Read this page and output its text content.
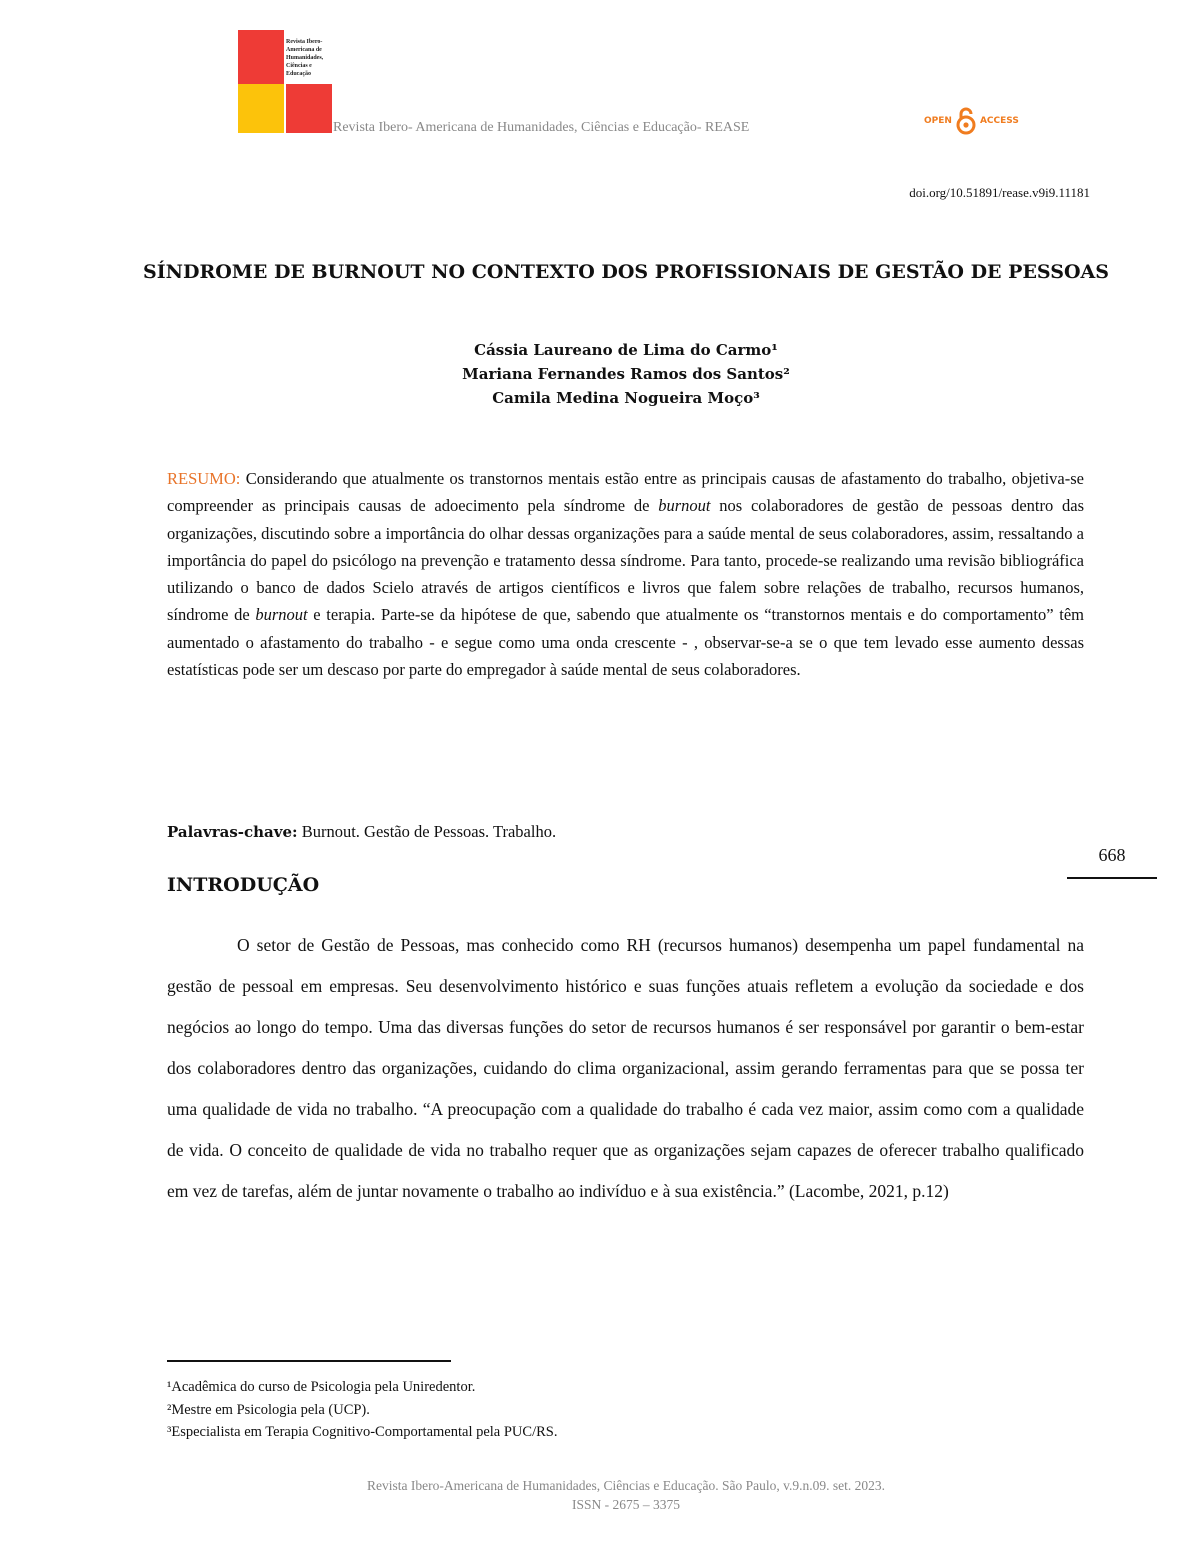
Revista Ibero-
Americana de
Humanidades,
Ciências e
Educação
Revista Ibero- Americana de Humanidades, Ciências e Educação- REASE	OPEN	ACCESS
doi.org/10.51891/rease.v9i9.11181
SÍNDROME DE BURNOUT NO CONTEXTO DOS PROFISSIONAIS DE GESTÃO DE PESSOAS
Cássia Laureano de Lima do Carmo¹
Mariana Fernandes Ramos dos Santos²
Camila Medina Nogueira Moço³
RESUMO: Considerando que atualmente os transtornos mentais estão entre as principais causas de afastamento do trabalho, objetiva-se compreender as principais causas de adoecimento pela síndrome de burnout nos colaboradores de gestão de pessoas dentro das organizações, discutindo sobre a importância do olhar dessas organizações para a saúde mental de seus colaboradores, assim, ressaltando a importância do papel do psicólogo na prevenção e tratamento dessa síndrome. Para tanto, procede-se realizando uma revisão bibliográfica utilizando o banco de dados Scielo através de artigos científicos e livros que falem sobre relações de trabalho, recursos humanos, síndrome de burnout e terapia. Parte-se da hipótese de que, sabendo que atualmente os “transtornos mentais e do comportamento” têm aumentado o afastamento do trabalho - e segue como uma onda crescente - , observar-se-a se o que tem levado esse aumento dessas estatísticas pode ser um descaso por parte do empregador à saúde mental de seus colaboradores.
Palavras-chave: Burnout. Gestão de Pessoas. Trabalho.
668
INTRODUÇÃO
O setor de Gestão de Pessoas, mas conhecido como RH (recursos humanos) desempenha um papel fundamental na gestão de pessoal em empresas. Seu desenvolvimento histórico e suas funções atuais refletem a evolução da sociedade e dos negócios ao longo do tempo. Uma das diversas funções do setor de recursos humanos é ser responsável por garantir o bem-estar dos colaboradores dentro das organizações, cuidando do clima organizacional, assim gerando ferramentas para que se possa ter uma qualidade de vida no trabalho. “A preocupação com a qualidade do trabalho é cada vez maior, assim como com a qualidade de vida. O conceito de qualidade de vida no trabalho requer que as organizações sejam capazes de oferecer trabalho qualificado em vez de tarefas, além de juntar novamente o trabalho ao indivíduo e à sua existência.” (Lacombe, 2021, p.12)
¹Acadêmica do curso de Psicologia pela Uniredentor.
²Mestre em Psicologia pela (UCP).
³Especialista em Terapia Cognitivo-Comportamental pela PUC/RS.
Revista Ibero-Americana de Humanidades, Ciências e Educação. São Paulo, v.9.n.09. set. 2023.
ISSN - 2675 – 3375
